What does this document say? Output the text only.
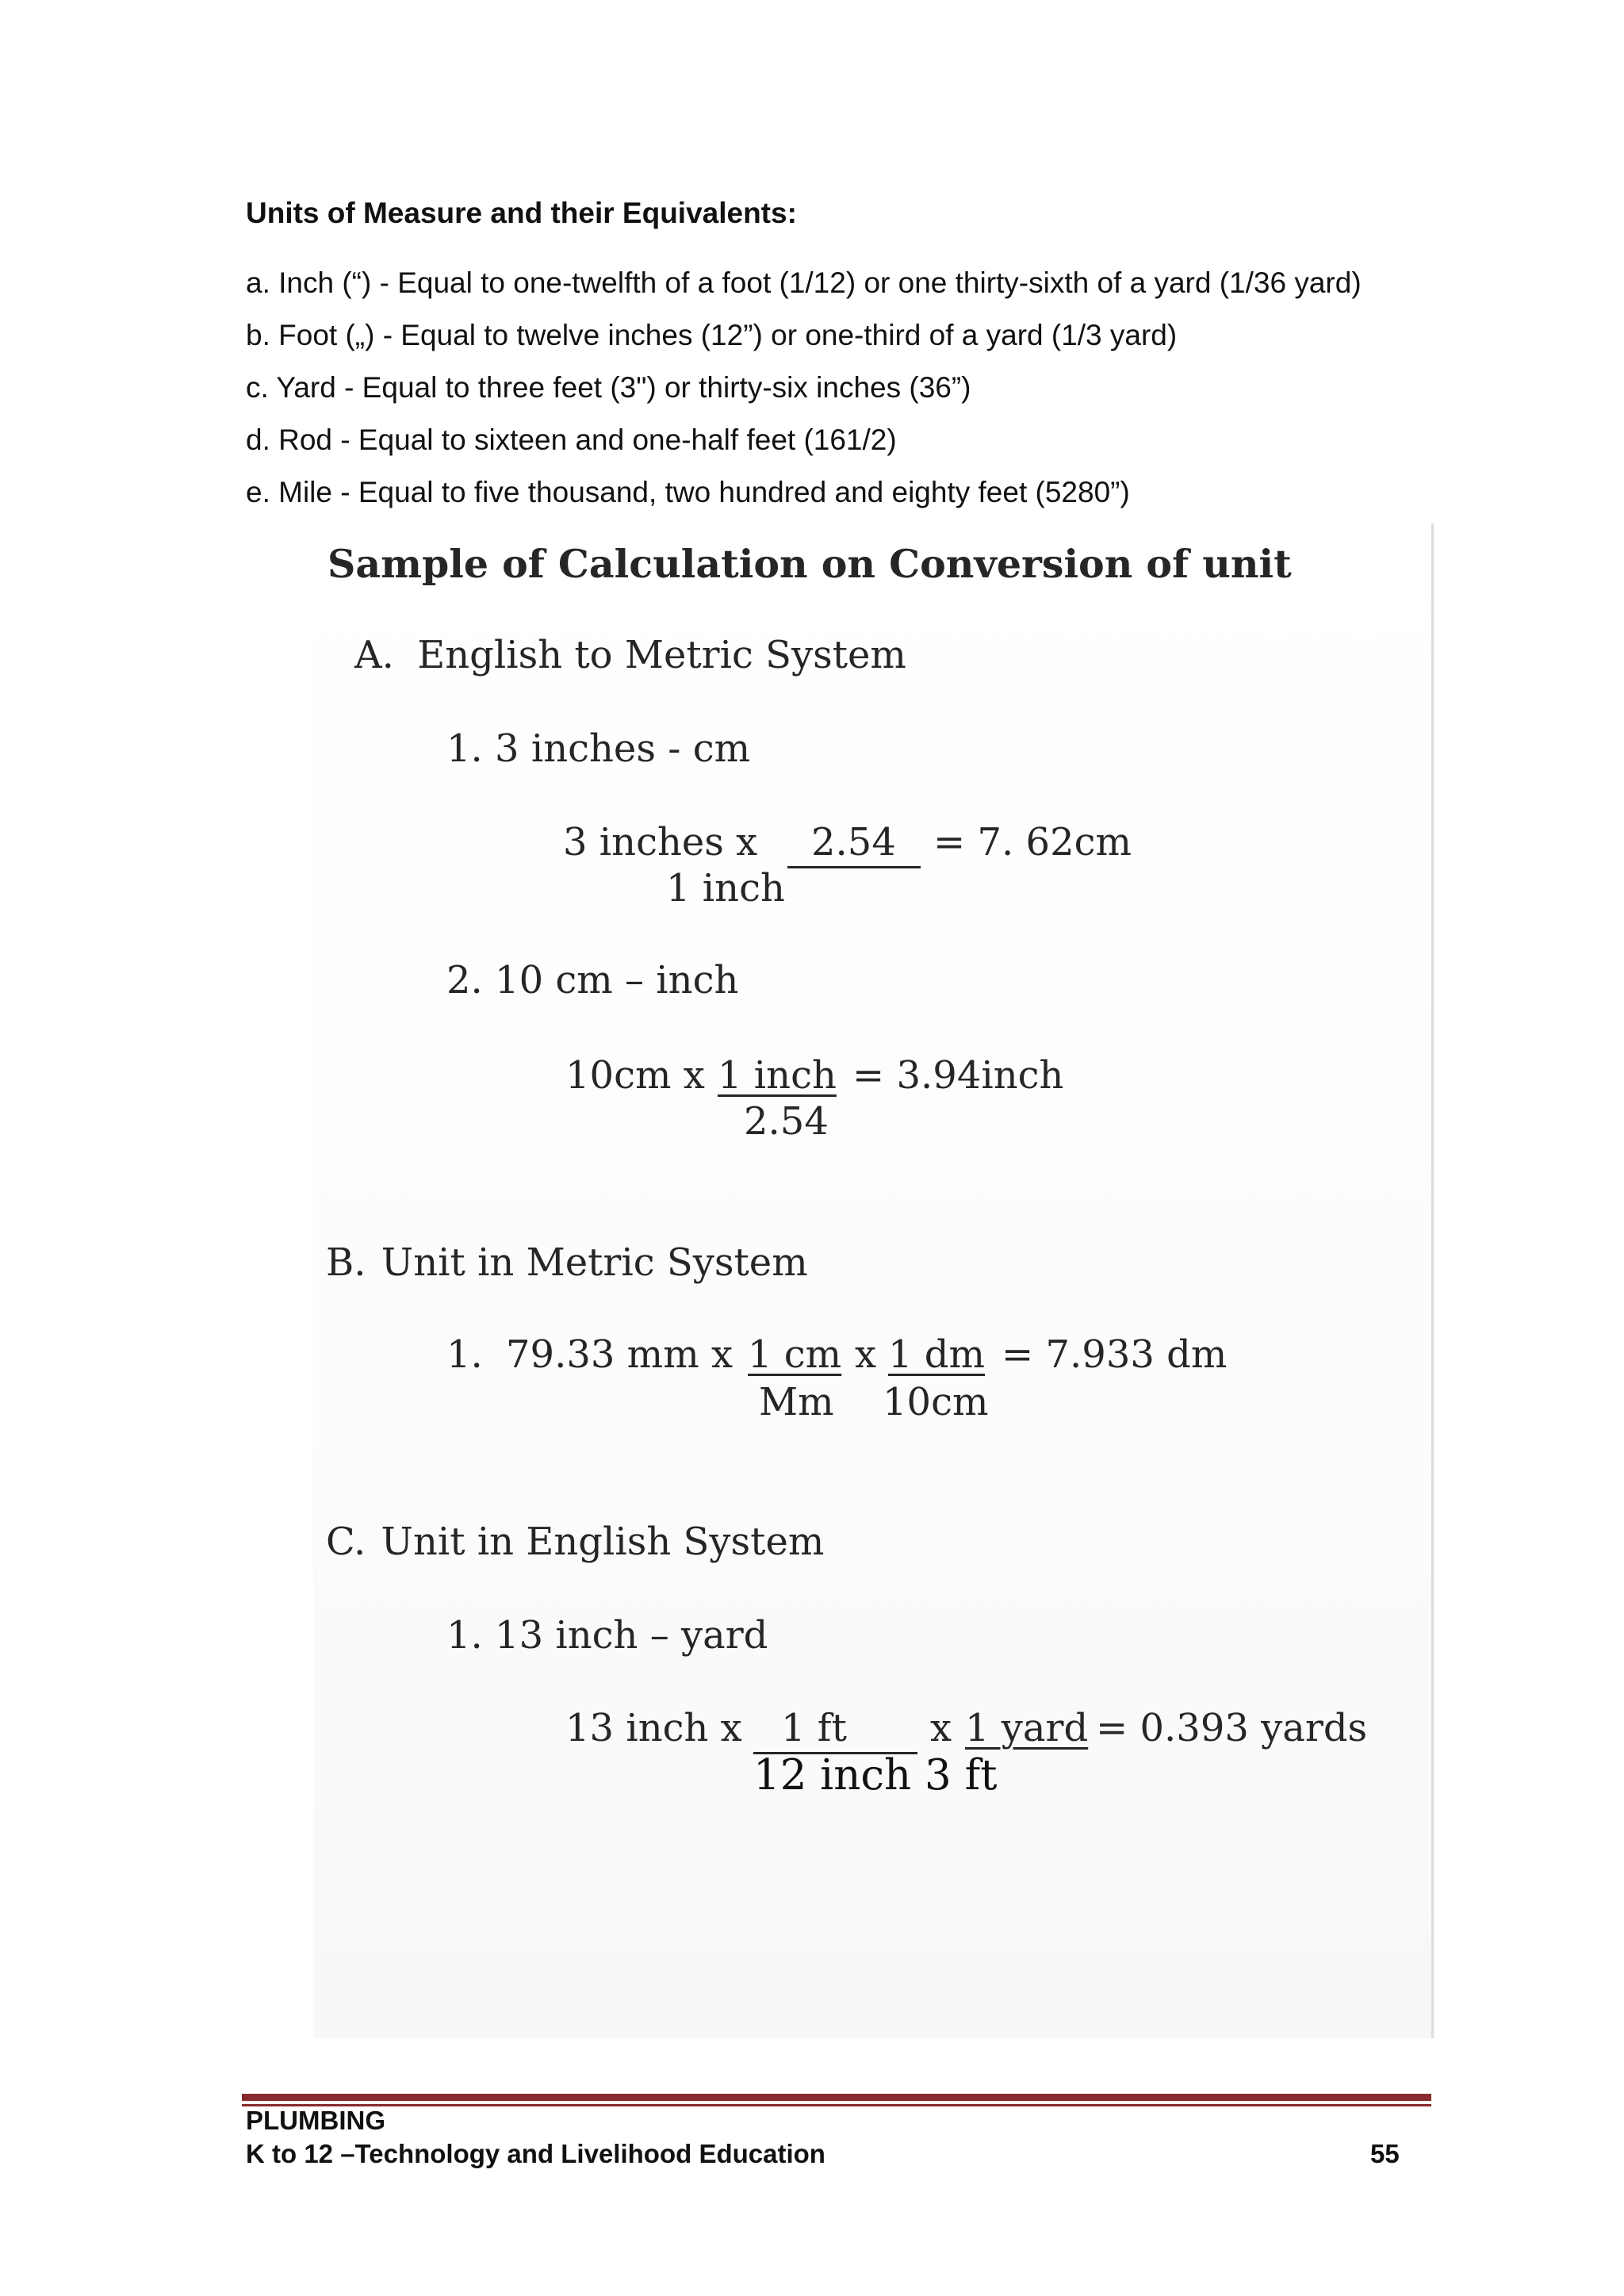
Units of Measure and their Equivalents:
a. Inch (“) - Equal to one-twelfth of a foot (1/12) or one thirty-sixth of a yard (1/36 yard)
b. Foot („) - Equal to twelve inches (12”) or one-third of a yard (1/3 yard)
c. Yard - Equal to three feet (3") or thirty-six inches (36”)
d. Rod - Equal to sixteen and one-half feet (161/2)
e. Mile - Equal to five thousand, two hundred and eighty feet (5280”)
Sample of Calculation on Conversion of unit
A. English to Metric System
1. 3 inches - cm
3 inches x 2.54 = 7. 62cm
1 inch
2. 10 cm – inch
10cm x 1 inch = 3.94inch
2.54
B. Unit in Metric System
1. 79.33 mm x 1 cm x 1 dm = 7.933 dm
Mm 10cm
C. Unit in English System
1. 13 inch – yard
13 inch x 1 ft x 1 yard = 0.393 yards
12 inch 3 ft
PLUMBING
K to 12 –Technology and Livelihood Education	55
